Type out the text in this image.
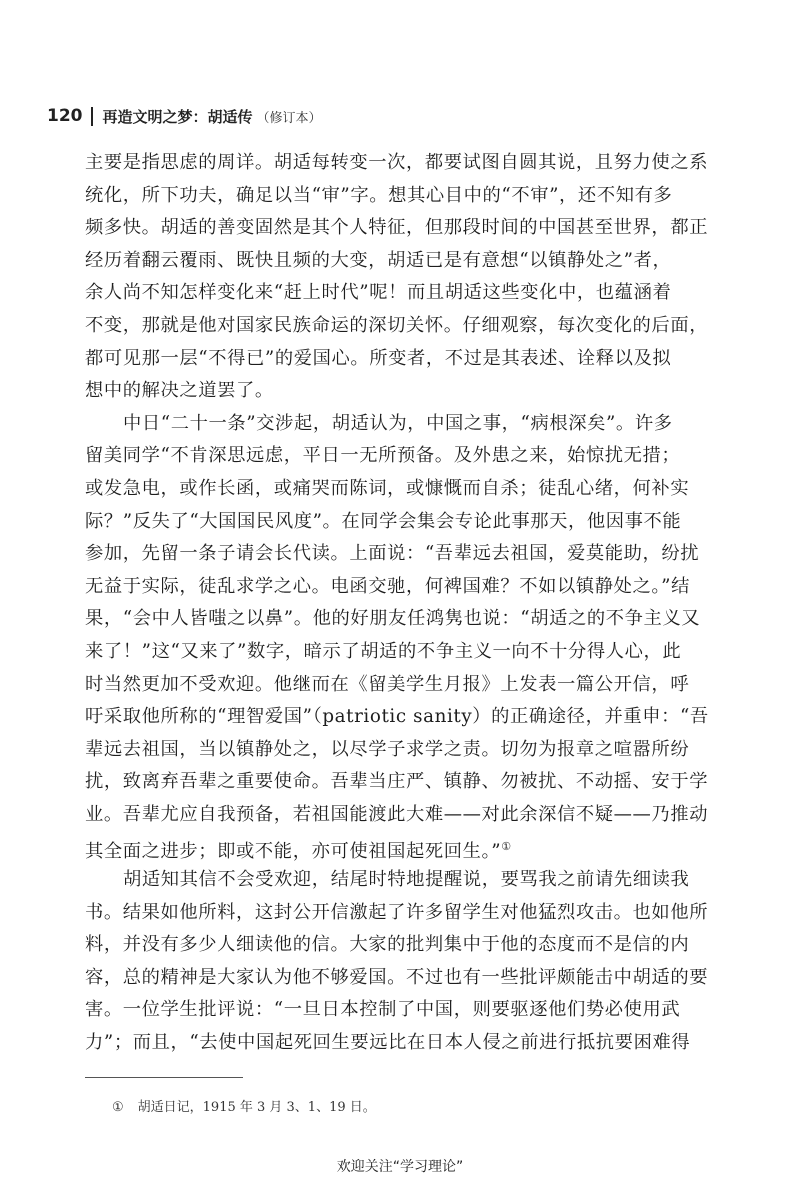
120 再造文明之梦：胡适传 （修订本）
主要是指思虑的周详。胡适每转变一次，都要试图自圆其说，且努力使之系
统化，所下功夫，确足以当“审”字。想其心目中的“不审”，还不知有多
频多快。胡适的善变固然是其个人特征，但那段时间的中国甚至世界，都正
经历着翻云覆雨、既快且频的大变，胡适已是有意想“以镇静处之”者，
余人尚不知怎样变化来“赶上时代”呢！而且胡适这些变化中，也蕴涵着
不变，那就是他对国家民族命运的深切关怀。仔细观察，每次变化的后面，
都可见那一层“不得已”的爱国心。所变者，不过是其表述、诠释以及拟
想中的解决之道罢了。
中日“二十一条”交涉起，胡适认为，中国之事，“病根深矣”。许多
留美同学“不肯深思远虑，平日一无所预备。及外患之来，始惊扰无措；
或发急电，或作长函，或痛哭而陈词，或慷慨而自杀；徒乱心绪，何补实
际？”反失了“大国国民风度”。在同学会集会专论此事那天，他因事不能
参加，先留一条子请会长代读。上面说：“吾辈远去祖国，爱莫能助，纷扰
无益于实际，徒乱求学之心。电函交驰，何裨国难？不如以镇静处之。”结
果，“会中人皆嗤之以鼻”。他的好朋友任鸿隽也说：“胡适之的不争主义又
来了！”这“又来了”数字，暗示了胡适的不争主义一向不十分得人心，此
时当然更加不受欢迎。他继而在《留美学生月报》上发表一篇公开信，呼
吁采取他所称的“理智爱国”（patriotic sanity）的正确途径，并重申：“吾
辈远去祖国，当以镇静处之，以尽学子求学之责。切勿为报章之喧嚣所纷
扰，致离弃吾辈之重要使命。吾辈当庄严、镇静、勿被扰、不动摇、安于学
业。吾辈尤应自我预备，若祖国能渡此大难——对此余深信不疑——乃推动
其全面之进步；即或不能，亦可使祖国起死回生。”①
胡适知其信不会受欢迎，结尾时特地提醒说，要骂我之前请先细读我
书。结果如他所料，这封公开信激起了许多留学生对他猛烈攻击。也如他所
料，并没有多少人细读他的信。大家的批判集中于他的态度而不是信的内
容，总的精神是大家认为他不够爱国。不过也有一些批评颇能击中胡适的要
害。一位学生批评说：“一旦日本控制了中国，则要驱逐他们势必使用武
力”；而且，“去使中国起死回生要远比在日本人侵之前进行抵抗要困难得
① 胡适日记，1915 年 3 月 3、1、19 日。
欢迎关注“学习理论”
